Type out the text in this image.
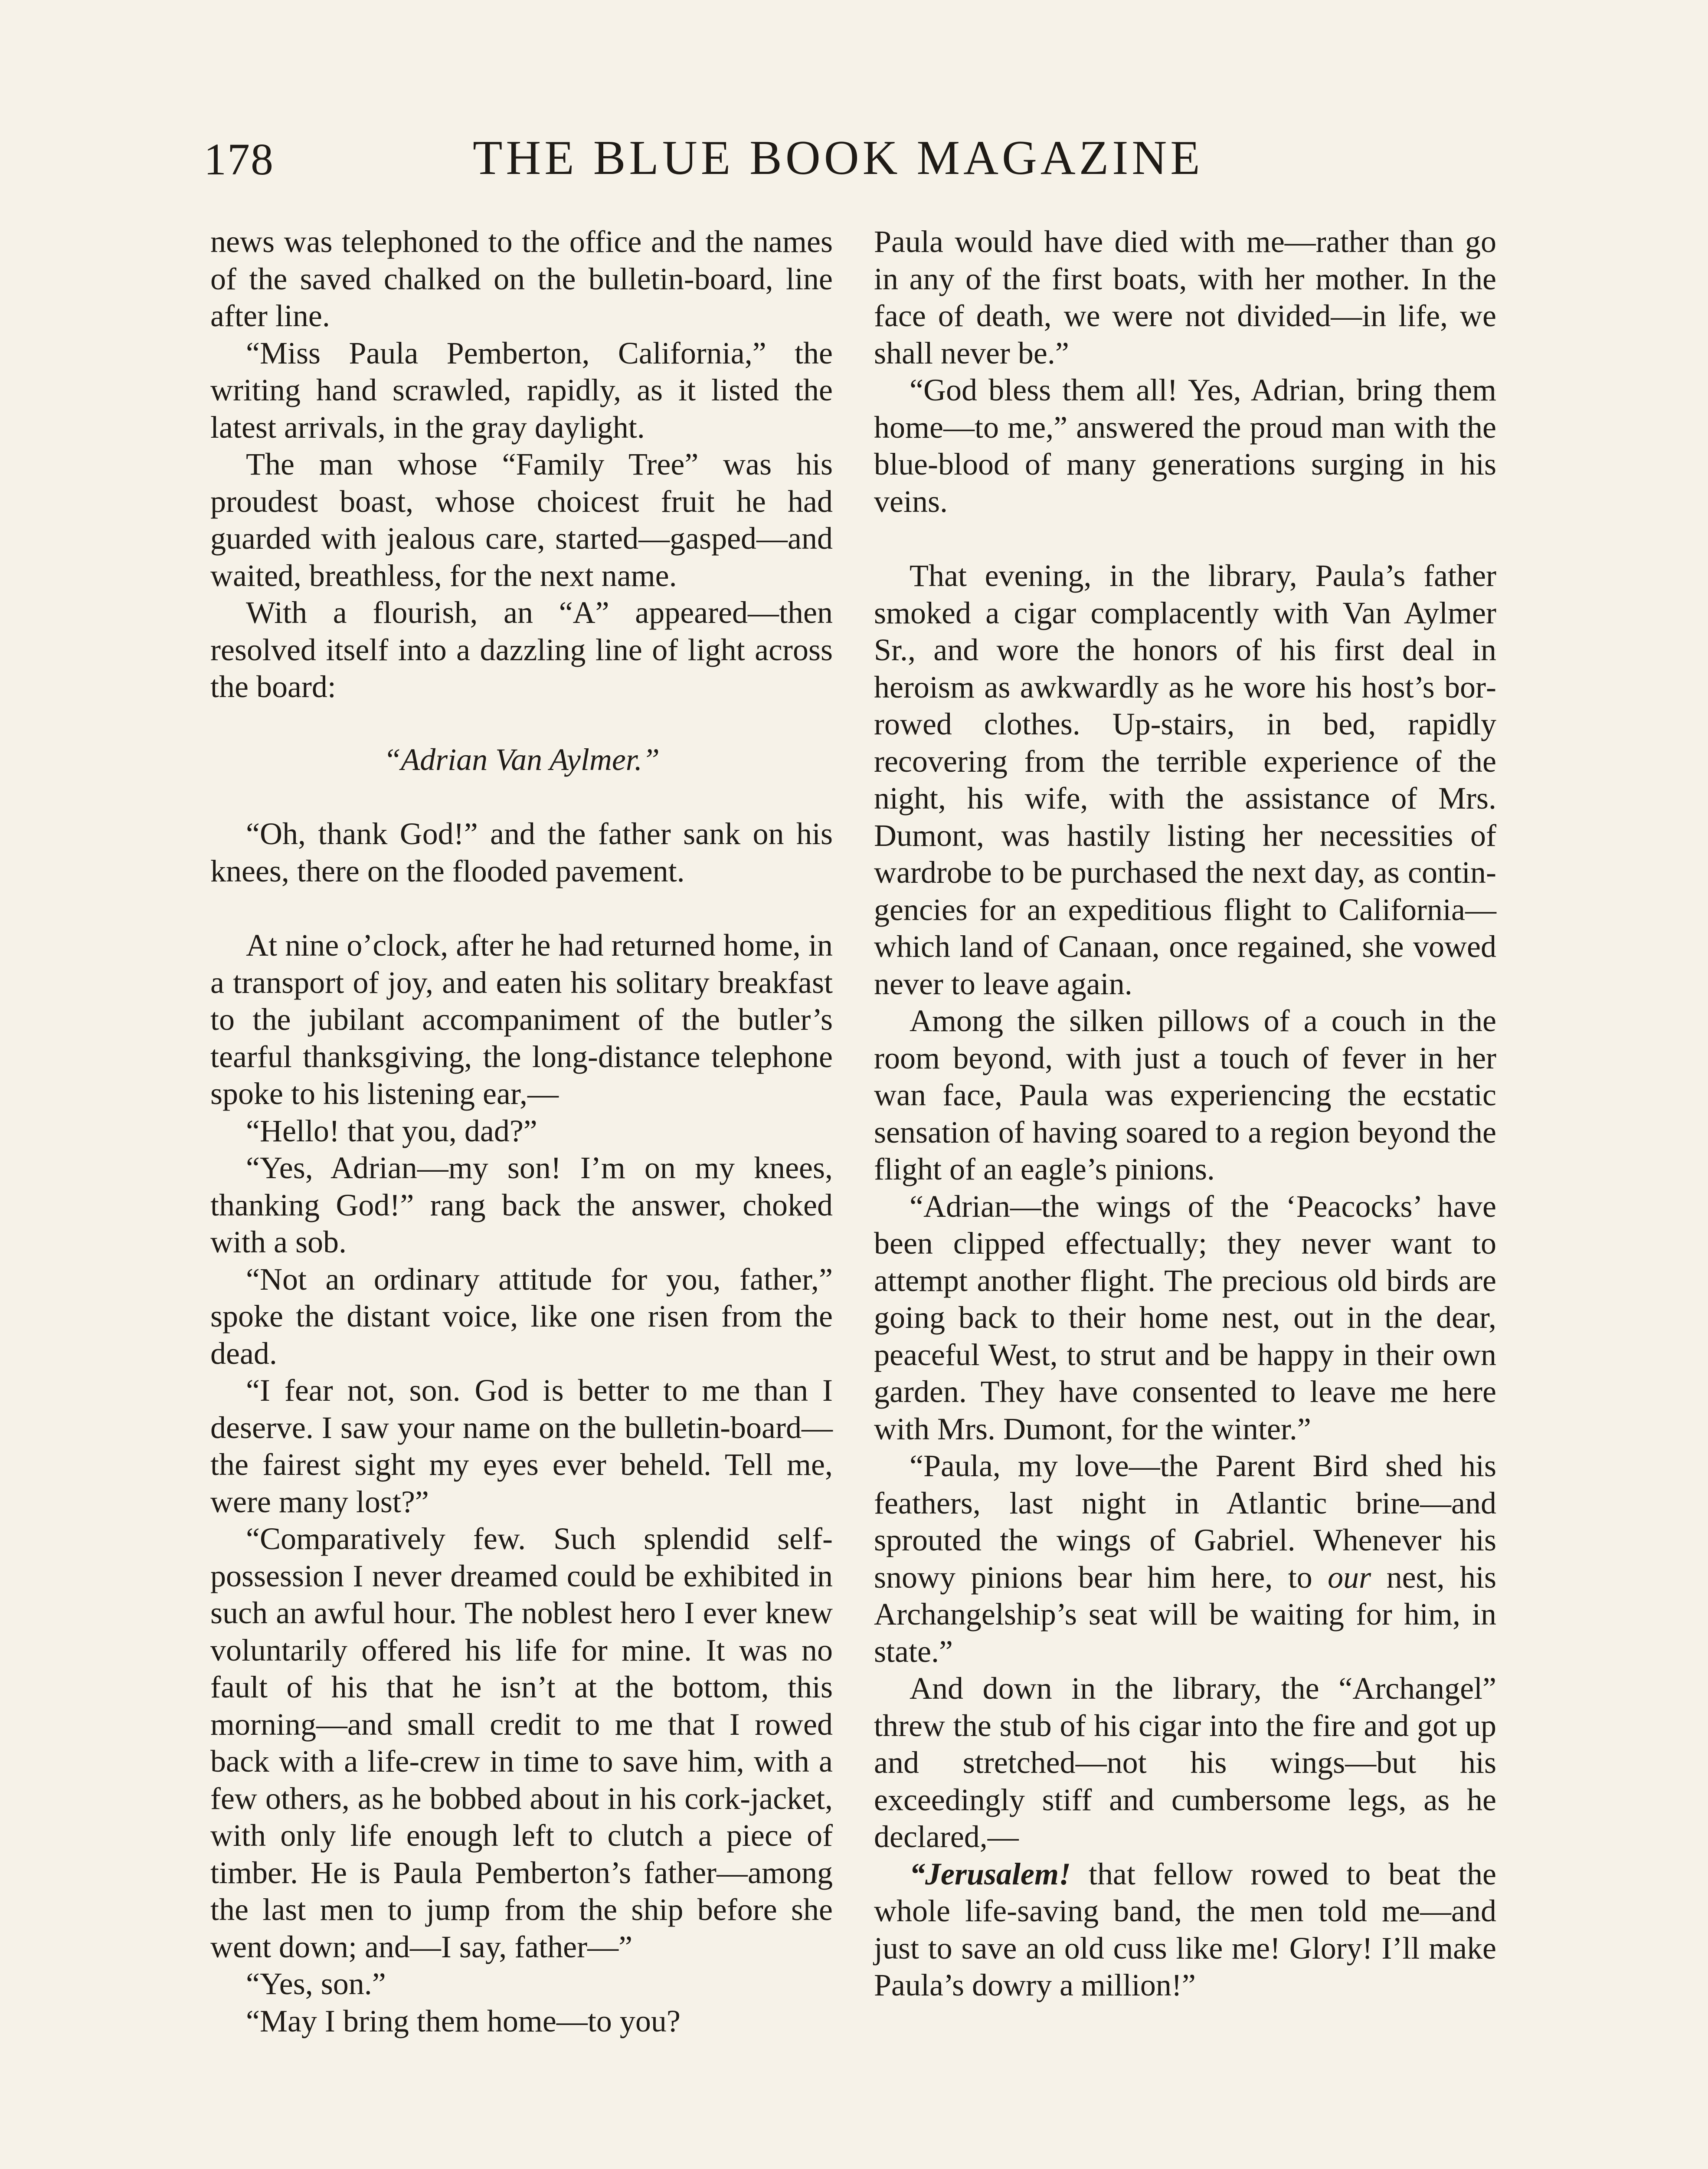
178	THE BLUE BOOK MAGAZINE

news was telephoned to the office and the names of the saved chalked on the bulletin-board, line after line.

“Miss Paula Pemberton, California,” the writing hand scrawled, rapidly, as it listed the latest arrivals, in the gray daylight.

The man whose “Family Tree” was his proudest boast, whose choicest fruit he had guarded with jealous care, started—gasped—and waited, breathless, for the next name.

With a flourish, an “A” appeared—then resolved itself into a dazzling line of light across the board:

“Adrian Van Aylmer.”

“Oh, thank God!” and the father sank on his knees, there on the flooded pavement.

At nine o’clock, after he had returned home, in a transport of joy, and eaten his solitary breakfast to the jubilant accompaniment of the butler’s tearful thanksgiving, the long-distance telephone spoke to his listening ear,—

“Hello! that you, dad?”

“Yes, Adrian—my son! I’m on my knees, thanking God!” rang back the answer, choked with a sob.

“Not an ordinary attitude for you, father,” spoke the distant voice, like one risen from the dead.

“I fear not, son. God is better to me than I deserve. I saw your name on the bulletin-board—the fairest sight my eyes ever beheld. Tell me, were many lost?”

“Comparatively few. Such splendid self-possession I never dreamed could be exhibited in such an awful hour. The noblest hero I ever knew voluntarily offered his life for mine. It was no fault of his that he isn’t at the bottom, this morning—and small credit to me that I rowed back with a life-crew in time to save him, with a few others, as he bobbed about in his cork-jacket, with only life enough left to clutch a piece of timber. He is Paula Pemberton’s father—among the last men to jump from the ship before she went down; and—I say, father—”

“Yes, son.”

“May I bring them home—to you?

Paula would have died with me—rather than go in any of the first boats, with her mother. In the face of death, we were not divided—in life, we shall never be.”

“God bless them all! Yes, Adrian, bring them home—to me,” answered the proud man with the blue-blood of many generations surging in his veins.

That evening, in the library, Paula’s father smoked a cigar complacently with Van Aylmer Sr., and wore the honors of his first deal in heroism as awkwardly as he wore his host’s borrowed clothes. Up-stairs, in bed, rapidly recovering from the terrible experience of the night, his wife, with the assistance of Mrs. Dumont, was hastily listing her necessities of wardrobe to be purchased the next day, as contingencies for an expeditious flight to California—which land of Canaan, once regained, she vowed never to leave again.

Among the silken pillows of a couch in the room beyond, with just a touch of fever in her wan face, Paula was experiencing the ecstatic sensation of having soared to a region beyond the flight of an eagle’s pinions.

“Adrian—the wings of the ‘Peacocks’ have been clipped effectually; they never want to attempt another flight. The precious old birds are going back to their home nest, out in the dear, peaceful West, to strut and be happy in their own garden. They have consented to leave me here with Mrs. Dumont, for the winter.”

“Paula, my love—the Parent Bird shed his feathers, last night in Atlantic brine—and sprouted the wings of Gabriel. Whenever his snowy pinions bear him here, to our nest, his Archangelship’s seat will be waiting for him, in state.”

And down in the library, the “Archangel” threw the stub of his cigar into the fire and got up and stretched—not his wings—but his exceedingly stiff and cumbersome legs, as he declared,—

“Jerusalem! that fellow rowed to beat the whole life-saving band, the men told me—and just to save an old cuss like me! Glory! I’ll make Paula’s dowry a million!”
